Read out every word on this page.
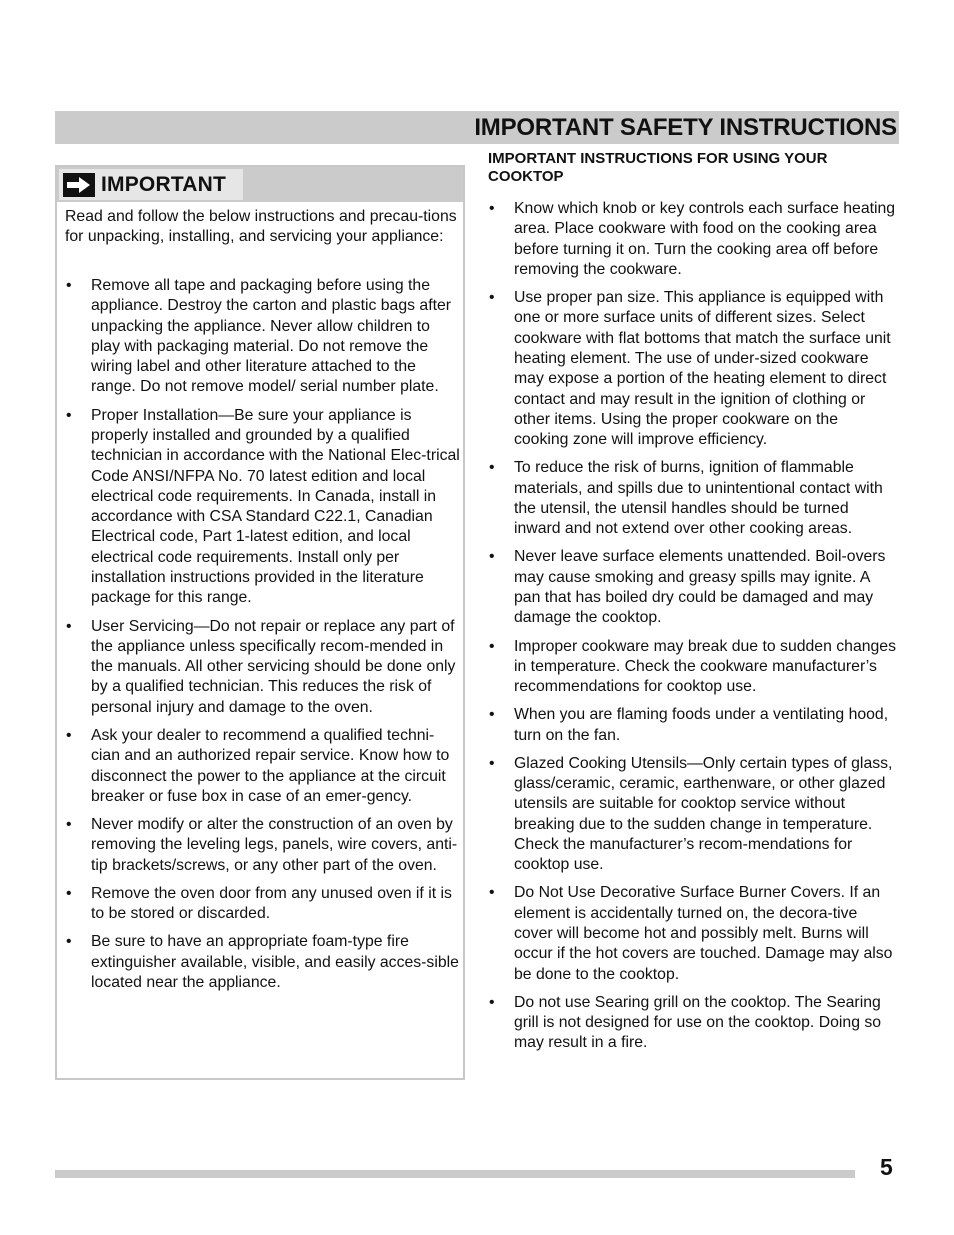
IMPORTANT SAFETY INSTRUCTIONS
IMPORTANT
Read and follow the below instructions and precau-tions for unpacking, installing, and servicing your appliance:
• Remove all tape and packaging before using the appliance. Destroy the carton and plastic bags after unpacking the appliance. Never allow children to play with packaging material. Do not remove the wiring label and other literature attached to the range. Do not remove model/ serial number plate.
• Proper Installation—Be sure your appliance is properly installed and grounded by a qualified technician in accordance with the National Elec-trical Code ANSI/NFPA No. 70 latest edition and local electrical code requirements. In Canada, install in accordance with CSA Standard C22.1, Canadian Electrical code, Part 1-latest edition, and local electrical code requirements. Install only per installation instructions provided in the literature package for this range.
• User Servicing—Do not repair or replace any part of the appliance unless specifically recom-mended in the manuals. All other servicing should be done only by a qualified technician. This reduces the risk of personal injury and damage to the oven.
• Ask your dealer to recommend a qualified techni-cian and an authorized repair service. Know how to disconnect the power to the appliance at the circuit breaker or fuse box in case of an emer-gency.
• Never modify or alter the construction of an oven by removing the leveling legs, panels, wire covers, anti-tip brackets/screws, or any other part of the oven.
• Remove the oven door from any unused oven if it is to be stored or discarded.
• Be sure to have an appropriate foam-type fire extinguisher available, visible, and easily acces-sible located near the appliance.
IMPORTANT INSTRUCTIONS FOR USING YOUR COOKTOP
• Know which knob or key controls each surface heating area. Place cookware with food on the cooking area before turning it on. Turn the cooking area off before removing the cookware.
• Use proper pan size. This appliance is equipped with one or more surface units of different sizes. Select cookware with flat bottoms that match the surface unit heating element. The use of under-sized cookware may expose a portion of the heating element to direct contact and may result in the ignition of clothing or other items. Using the proper cookware on the cooking zone will improve efficiency.
• To reduce the risk of burns, ignition of flammable materials, and spills due to unintentional contact with the utensil, the utensil handles should be turned inward and not extend over other cooking areas.
• Never leave surface elements unattended. Boil-overs may cause smoking and greasy spills may ignite. A pan that has boiled dry could be damaged and may damage the cooktop.
• Improper cookware may break due to sudden changes in temperature. Check the cookware manufacturer’s recommendations for cooktop use.
• When you are flaming foods under a ventilating hood, turn on the fan.
• Glazed Cooking Utensils—Only certain types of glass, glass/ceramic, ceramic, earthenware, or other glazed utensils are suitable for cooktop service without breaking due to the sudden change in temperature. Check the manufacturer’s recom-mendations for cooktop use.
• Do Not Use Decorative Surface Burner Covers. If an element is accidentally turned on, the decora-tive cover will become hot and possibly melt. Burns will occur if the hot covers are touched. Damage may also be done to the cooktop.
• Do not use Searing grill on the cooktop. The Searing grill is not designed for use on the cooktop. Doing so may result in a fire.
5
